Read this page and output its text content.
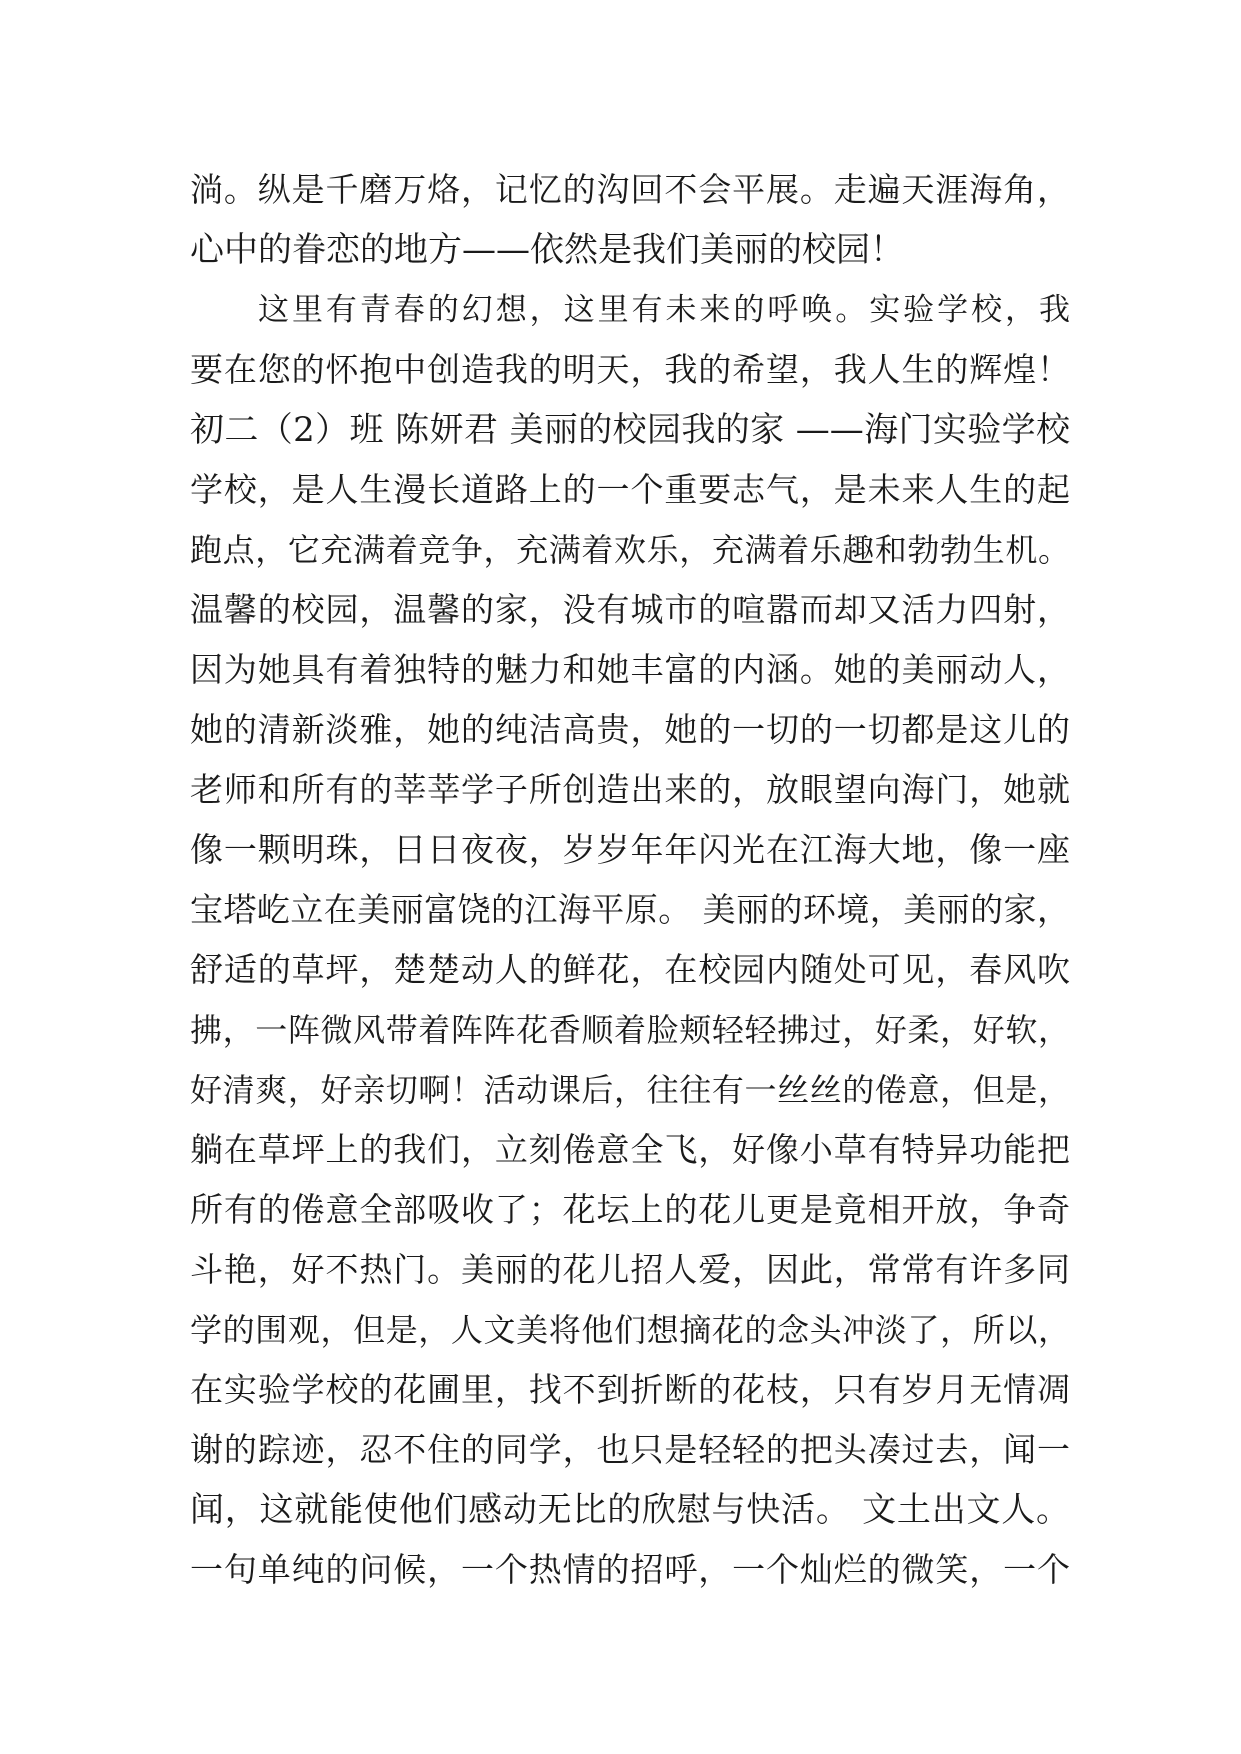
淌。纵是千磨万烙，记忆的沟回不会平展。走遍天涯海角，
心中的眷恋的地方——依然是我们美丽的校园！
这里有青春的幻想，这里有未来的呼唤。实验学校，我
要在您的怀抱中创造我的明天，我的希望，我人生的辉煌！
初二（2）班 陈妍君 美丽的校园我的家 ——海门实验学校
学校，是人生漫长道路上的一个重要志气，是未来人生的起
跑点，它充满着竞争，充满着欢乐，充满着乐趣和勃勃生机。
温馨的校园，温馨的家，没有城市的喧嚣而却又活力四射，
因为她具有着独特的魅力和她丰富的内涵。她的美丽动人，
她的清新淡雅，她的纯洁高贵，她的一切的一切都是这儿的
老师和所有的莘莘学子所创造出来的，放眼望向海门，她就
像一颗明珠，日日夜夜，岁岁年年闪光在江海大地，像一座
宝塔屹立在美丽富饶的江海平原。 美丽的环境，美丽的家，
舒适的草坪，楚楚动人的鲜花，在校园内随处可见，春风吹
拂，一阵微风带着阵阵花香顺着脸颊轻轻拂过，好柔，好软，
好清爽，好亲切啊！活动课后，往往有一丝丝的倦意，但是，
躺在草坪上的我们，立刻倦意全飞，好像小草有特异功能把
所有的倦意全部吸收了；花坛上的花儿更是竟相开放，争奇
斗艳，好不热门。美丽的花儿招人爱，因此，常常有许多同
学的围观，但是，人文美将他们想摘花的念头冲淡了，所以，
在实验学校的花圃里，找不到折断的花枝，只有岁月无情凋
谢的踪迹，忍不住的同学，也只是轻轻的把头凑过去，闻一
闻，这就能使他们感动无比的欣慰与快活。 文土出文人。
一句单纯的问候，一个热情的招呼，一个灿烂的微笑，一个
